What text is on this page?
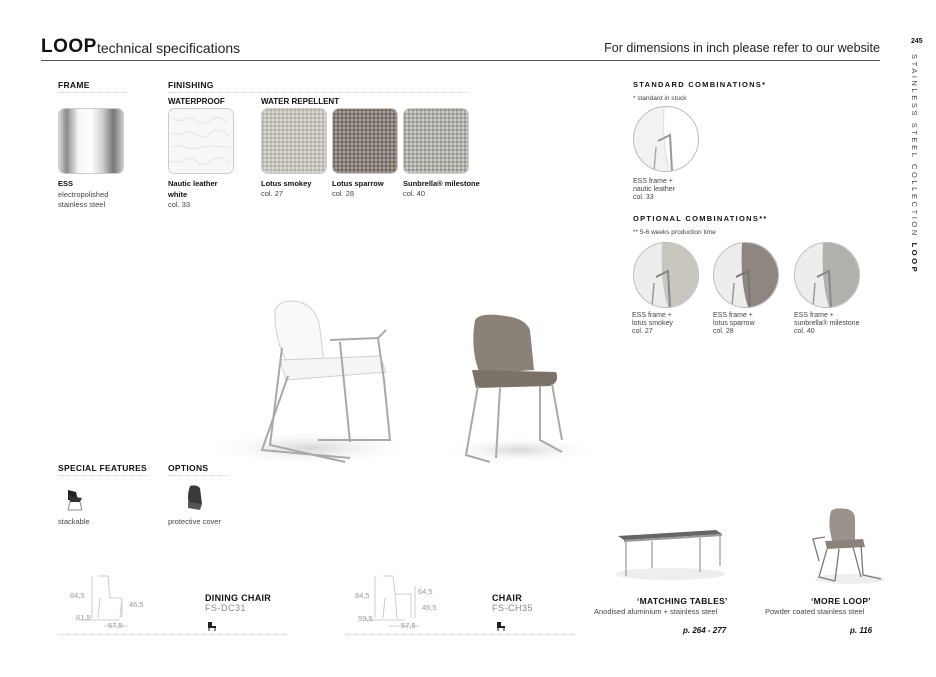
LOOP technical specifications	For dimensions in inch please refer to our website	245
STAINLESS STEEL COLLECTION LOOP
FRAME
ESS
electropolished
stainless steel
FINISHING
WATERPROOF	WATER REPELLENT
Nautic leather
white
col. 33
Lotus smokey
col. 27
Lotus sparrow
col. 28
Sunbrella® milestone
col. 40
STANDARD COMBINATIONS*
* standard in stock
ESS frame +
nautic leather
col. 33
OPTIONAL COMBINATIONS**
** 5-6 weeks production time
ESS frame +
lotus smokey
col. 27
ESS frame +
lotus sparrow
col. 28
ESS frame +
sunbrella® milestone
col. 40
SPECIAL FEATURES OPTIONS
stackable	protective cover
84,5
46,5
61,5
57,5
DINING CHAIR
FS-DC31
84,5	64,5
46,5
59,5
57,5
CHAIR
FS-CH35
‘MATCHING TABLES’
Anodised aluminium + stainless steel
p. 264 - 277
‘MORE LOOP’
Powder coated stainless steel
p. 116
